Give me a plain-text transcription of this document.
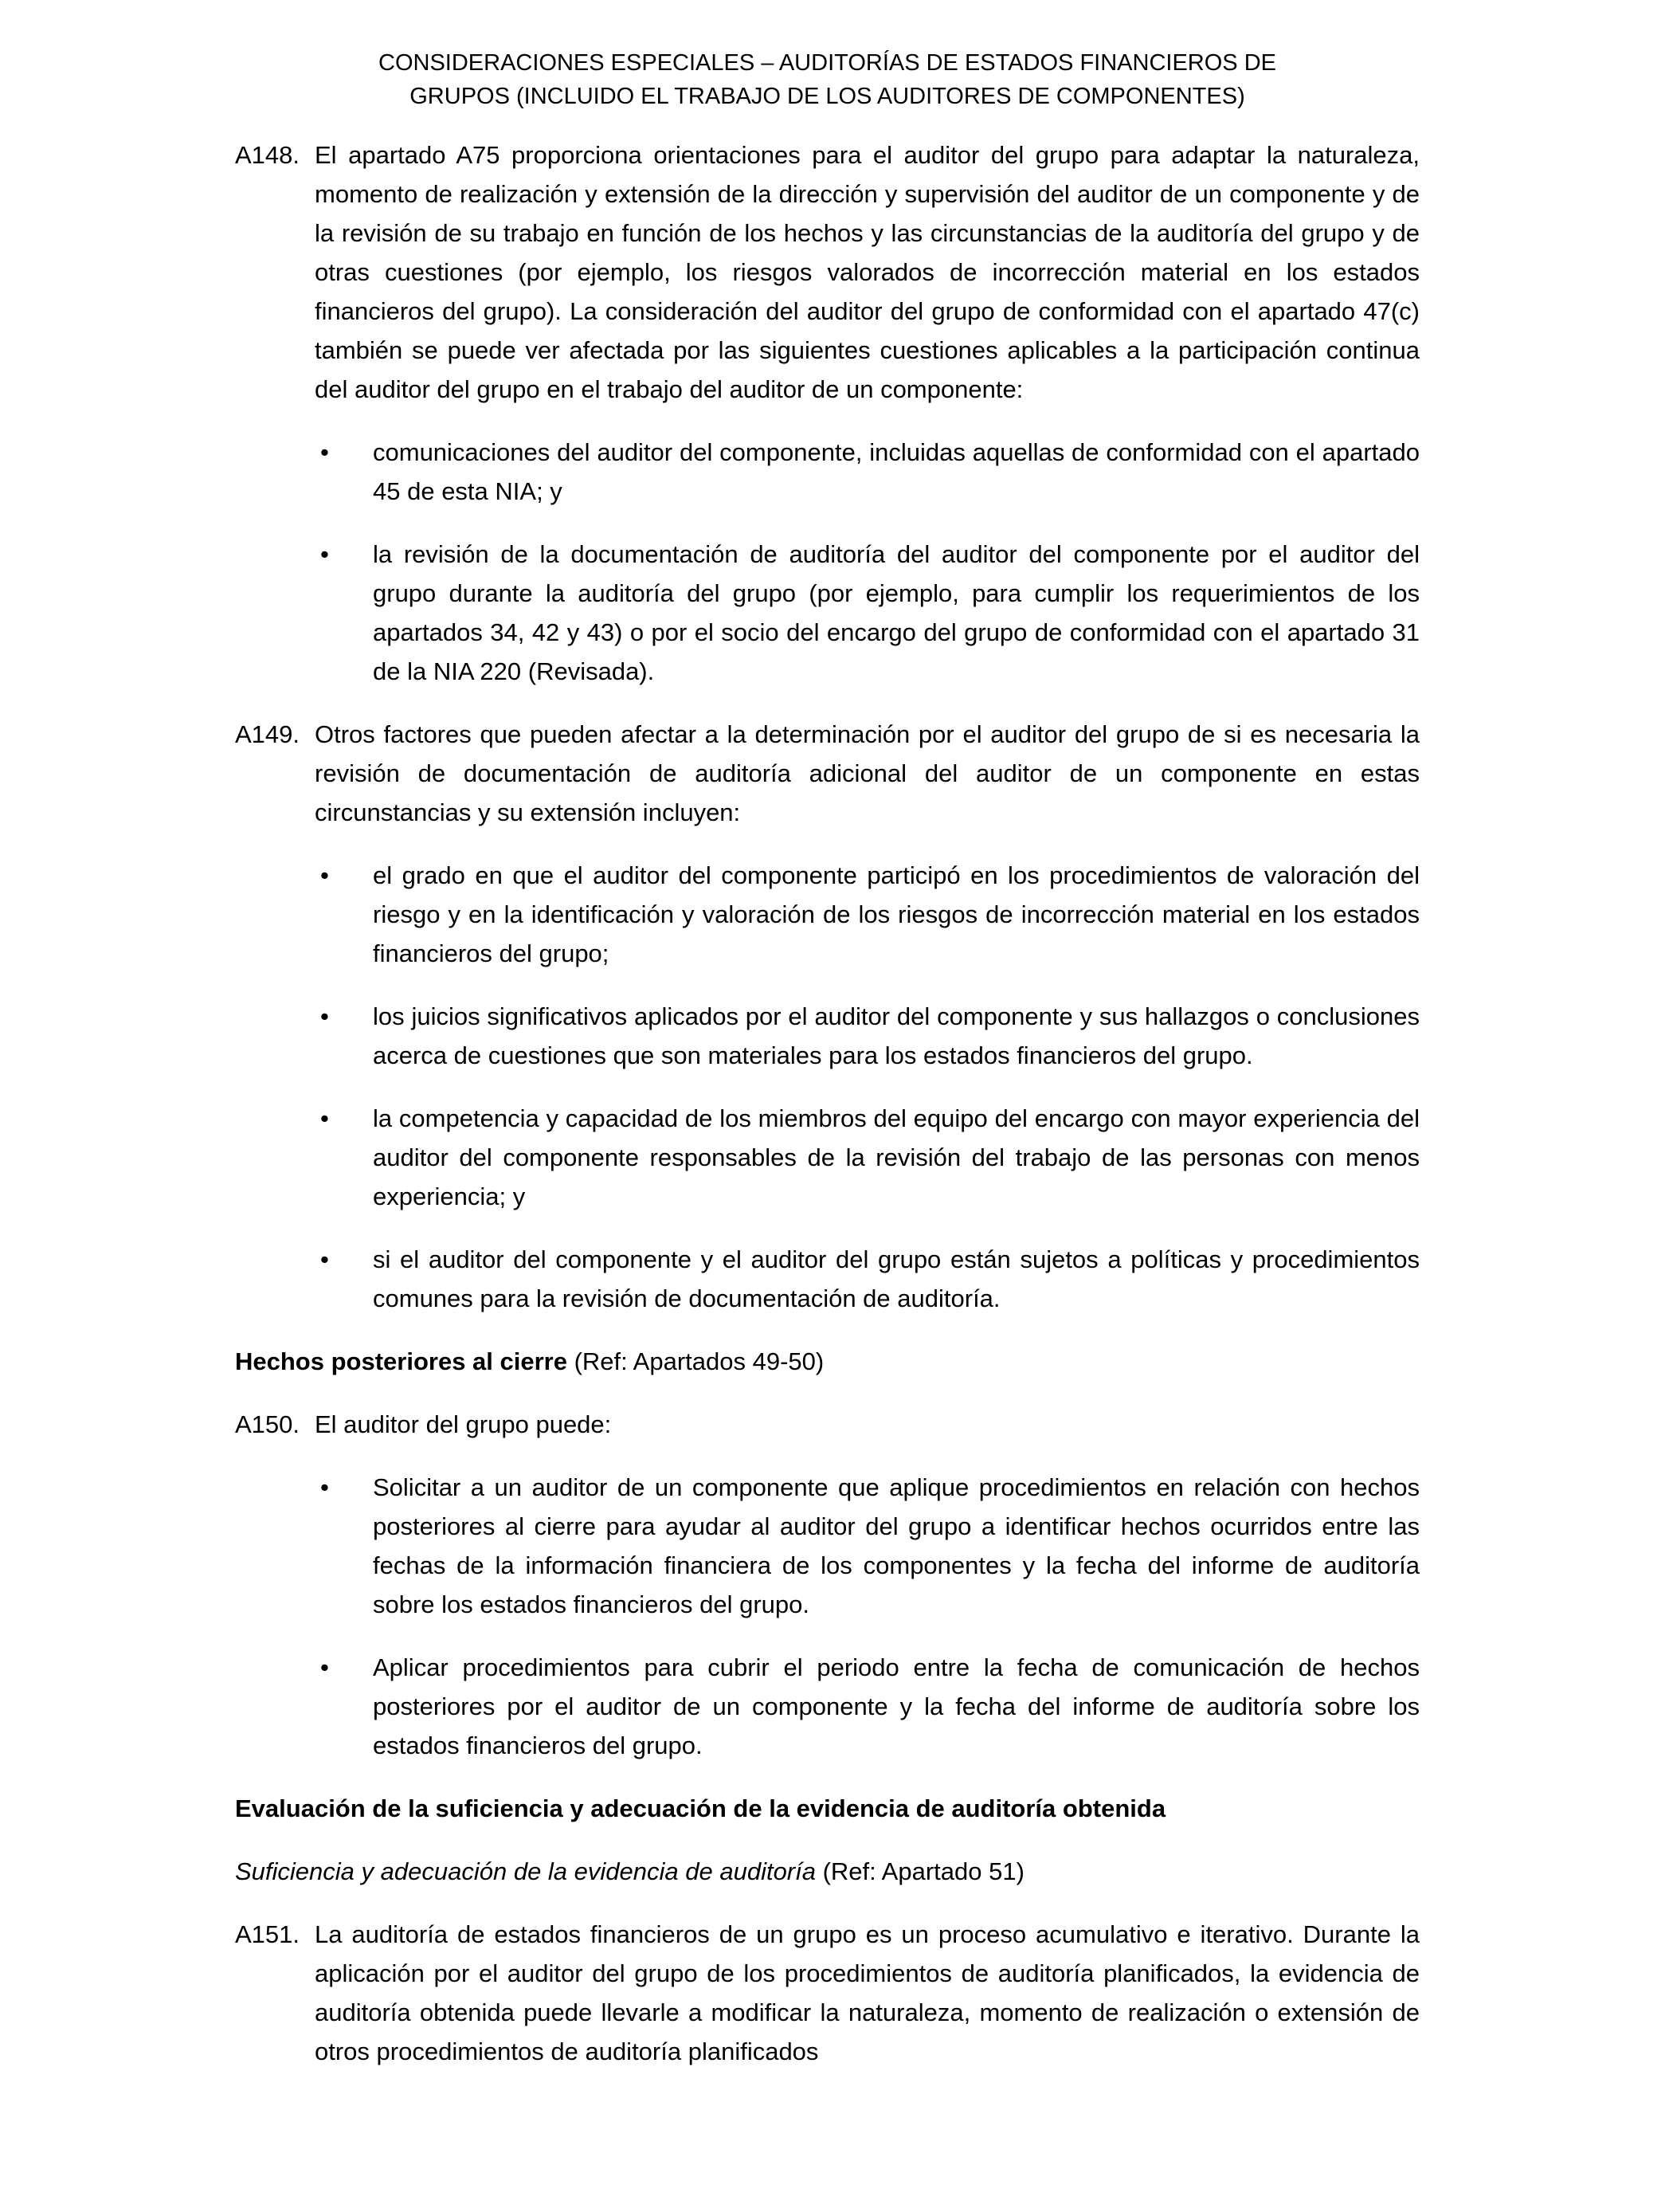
CONSIDERACIONES ESPECIALES – AUDITORÍAS DE ESTADOS FINANCIEROS DE
GRUPOS (INCLUIDO EL TRABAJO DE LOS AUDITORES DE COMPONENTES)
A148. El apartado A75 proporciona orientaciones para el auditor del grupo para adaptar la naturaleza, momento de realización y extensión de la dirección y supervisión del auditor de un componente y de la revisión de su trabajo en función de los hechos y las circunstancias de la auditoría del grupo y de otras cuestiones (por ejemplo, los riesgos valorados de incorrección material en los estados financieros del grupo). La consideración del auditor del grupo de conformidad con el apartado 47(c) también se puede ver afectada por las siguientes cuestiones aplicables a la participación continua del auditor del grupo en el trabajo del auditor de un componente:
•	comunicaciones del auditor del componente, incluidas aquellas de conformidad con el apartado 45 de esta NIA; y
•	la revisión de la documentación de auditoría del auditor del componente por el auditor del grupo durante la auditoría del grupo (por ejemplo, para cumplir los requerimientos de los apartados 34, 42 y 43) o por el socio del encargo del grupo de conformidad con el apartado 31 de la NIA 220 (Revisada).
A149. Otros factores que pueden afectar a la determinación por el auditor del grupo de si es necesaria la revisión de documentación de auditoría adicional del auditor de un componente en estas circunstancias y su extensión incluyen:
•	el grado en que el auditor del componente participó en los procedimientos de valoración del riesgo y en la identificación y valoración de los riesgos de incorrección material en los estados financieros del grupo;
•	los juicios significativos aplicados por el auditor del componente y sus hallazgos o conclusiones acerca de cuestiones que son materiales para los estados financieros del grupo.
•	la competencia y capacidad de los miembros del equipo del encargo con mayor experiencia del auditor del componente responsables de la revisión del trabajo de las personas con menos experiencia; y
•	si el auditor del componente y el auditor del grupo están sujetos a políticas y procedimientos comunes para la revisión de documentación de auditoría.
Hechos posteriores al cierre (Ref: Apartados 49-50)
A150. El auditor del grupo puede:
•	Solicitar a un auditor de un componente que aplique procedimientos en relación con hechos posteriores al cierre para ayudar al auditor del grupo a identificar hechos ocurridos entre las fechas de la información financiera de los componentes y la fecha del informe de auditoría sobre los estados financieros del grupo.
•	Aplicar procedimientos para cubrir el periodo entre la fecha de comunicación de hechos posteriores por el auditor de un componente y la fecha del informe de auditoría sobre los estados financieros del grupo.
Evaluación de la suficiencia y adecuación de la evidencia de auditoría obtenida
Suficiencia y adecuación de la evidencia de auditoría (Ref: Apartado 51)
A151. La auditoría de estados financieros de un grupo es un proceso acumulativo e iterativo. Durante la aplicación por el auditor del grupo de los procedimientos de auditoría planificados, la evidencia de auditoría obtenida puede llevarle a modificar la naturaleza, momento de realización o extensión de otros procedimientos de auditoría planificados
